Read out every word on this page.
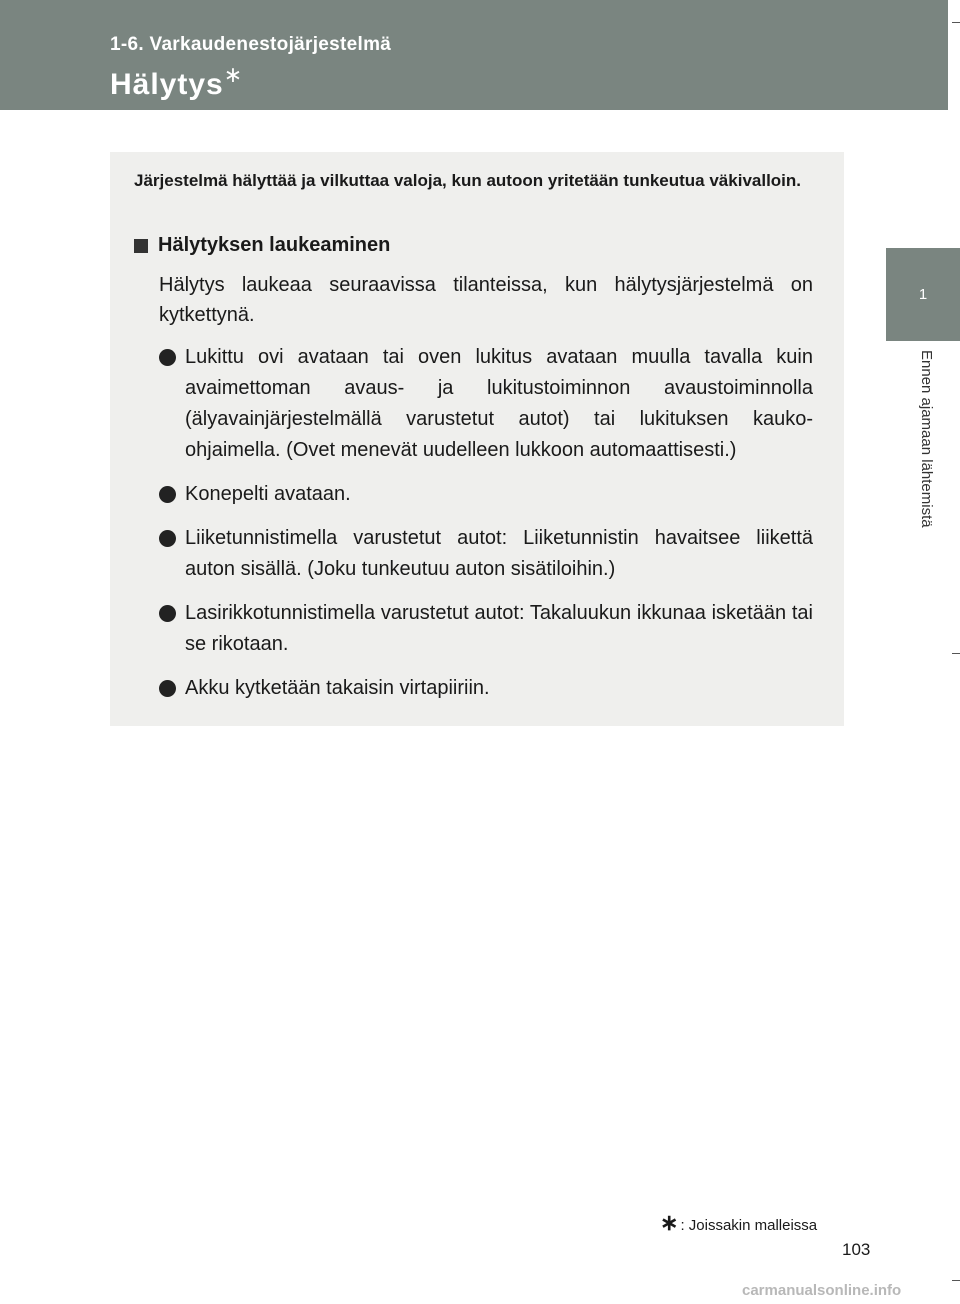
1-6. Varkaudenestojärjestelmä

Hälytys∗
1
Ennen ajamaan lähtemistä

Järjestelmä hälyttää ja vilkuttaa valoja, kun autoon yritetään tunkeutua väkivalloin.

Hälytyksen laukeaminen

Hälytys laukeaa seuraavissa tilanteissa, kun hälytysjärjestelmä on kytkettynä.

Lukittu ovi avataan tai oven lukitus avataan muulla tavalla kuin avaimettoman avaus- ja lukitustoiminnon avaustoiminnolla (älyavainjärjestelmällä varustetut autot) tai lukituksen kauko-ohjaimella. (Ovet menevät uudelleen lukkoon automaattisesti.)
Konepelti avataan.
Liiketunnistimella varustetut autot: Liiketunnistin havaitsee liikettä auton sisällä. (Joku tunkeutuu auton sisätiloihin.)
Lasirikkotunnistimella varustetut autot: Takaluukun ikkunaa isketään tai se rikotaan.
Akku kytketään takaisin virtapiiriin.

∗ : Joissakin malleissa

103

carmanualsonline.info
